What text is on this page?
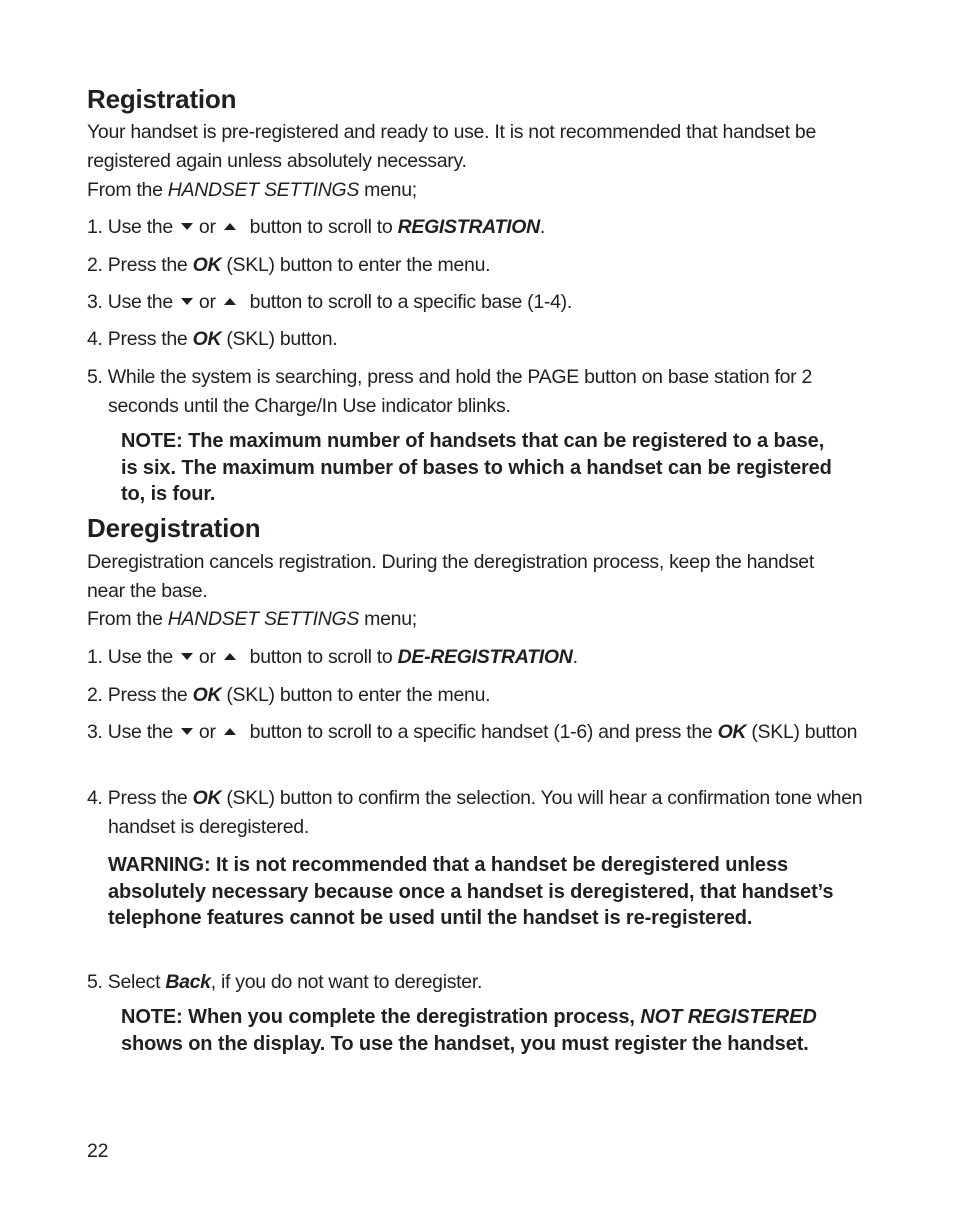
Registration
Your handset is pre-registered and ready to use. It is not recommended that handset be registered again unless absolutely necessary.
From the HANDSET SETTINGS menu;
1. Use the or button to scroll to REGISTRATION.
2. Press the OK (SKL) button to enter the menu.
3. Use the or button to scroll to a specific base (1-4).
4. Press the OK (SKL) button.
5. While the system is searching, press and hold the PAGE button on base station for 2 seconds until the Charge/In Use indicator blinks.
NOTE: The maximum number of handsets that can be registered to a base, is six. The maximum number of bases to which a handset can be registered to, is four.
Deregistration
Deregistration cancels registration. During the deregistration process, keep the handset near the base.
From the HANDSET SETTINGS menu;
1. Use the or button to scroll to DE-REGISTRATION.
2. Press the OK (SKL) button to enter the menu.
3. Use the or button to scroll to a specific handset (1-6) and press the OK (SKL) button
4. Press the OK (SKL) button to confirm the selection. You will hear a confirmation tone when handset is deregistered.
WARNING: It is not recommended that a handset be deregistered unless absolutely necessary because once a handset is deregistered, that handset’s telephone features cannot be used until the handset is re-registered.
5. Select Back, if you do not want to deregister.
NOTE: When you complete the deregistration process, NOT REGISTERED shows on the display. To use the handset, you must register the handset.
22
